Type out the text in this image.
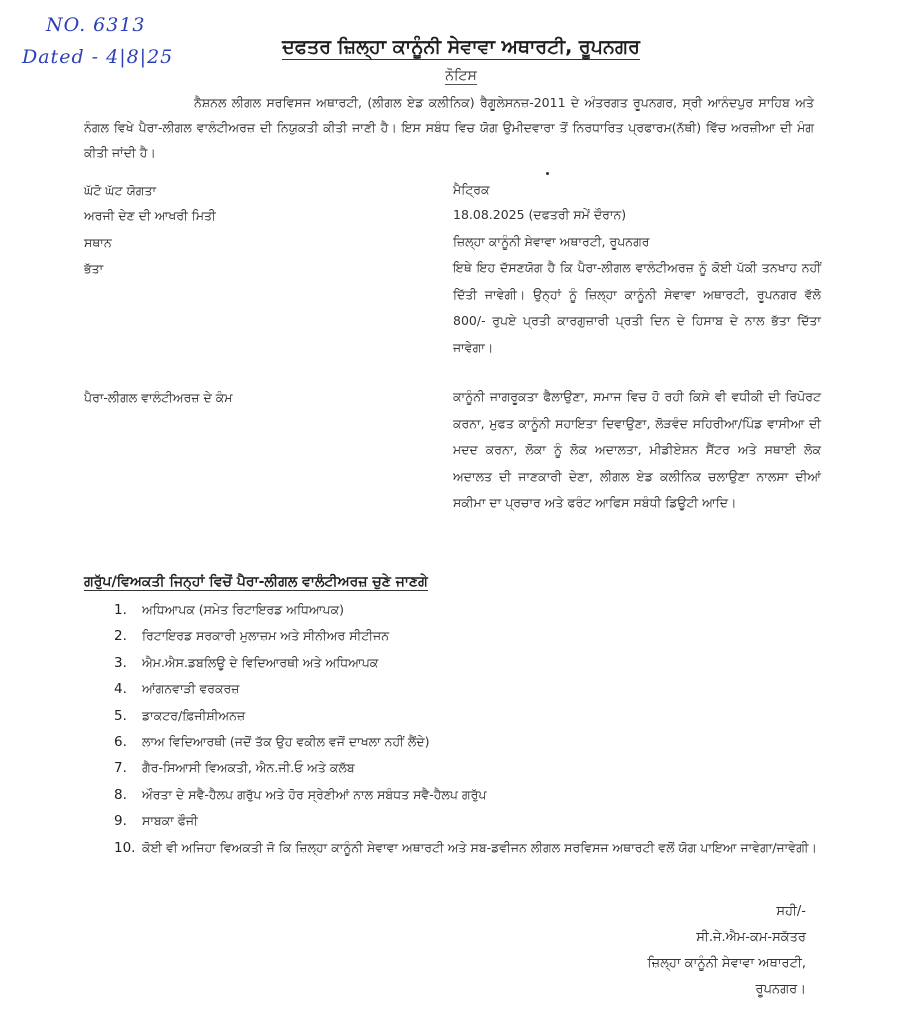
NO. 6313
Dated - 4|8|25	ਦਫਤਰ ਜ਼ਿਲ੍ਹਾ ਕਾਨੂੰਨੀ ਸੇਵਾਵਾ ਅਥਾਰਟੀ, ਰੂਪਨਗਰ
ਨੋਟਿਸ
ਨੈਸ਼ਨਲ ਲੀਗਲ ਸਰਵਿਸਜ ਅਥਾਰਟੀ, (ਲੀਗਲ ਏਡ ਕਲੀਨਿਕ) ਰੈਗੂਲੇਸਨਜ਼-2011 ਦੇ ਅੰਤਰਗਤ ਰੂਪਨਗਰ, ਸ੍ਰੀ ਆਨੰਦਪੁਰ ਸਾਹਿਬ ਅਤੇ ਨੰਗਲ ਵਿਖੇ ਪੈਰਾ-ਲੀਗਲ ਵਾਲੰਟੀਅਰਜ਼ ਦੀ ਨਿਯੁਕਤੀ ਕੀਤੀ ਜਾਣੀ ਹੈ। ਇਸ ਸਬੰਧ ਵਿਚ ਯੋਗ ਉਮੀਦਵਾਰਾ ਤੋਂ ਨਿਰਧਾਰਿਤ ਪ੍ਰਫਾਰਮ(ਨੱਥੀ) ਵਿੱਚ ਅਰਜ਼ੀਆ ਦੀ ਮੰਗ ਕੀਤੀ ਜਾਂਦੀ ਹੈ।
ਘੱਟੋ ਘੱਟ ਯੋਗਤਾ	ਮੈਟ੍ਰਿਕ
ਅਰਜੀ ਦੇਣ ਦੀ ਆਖਰੀ ਮਿਤੀ	18.08.2025 (ਦਫਤਰੀ ਸਮੇਂ ਦੌਰਾਨ)
ਸਥਾਨ	ਜ਼ਿਲ੍ਹਾ ਕਾਨੂੰਨੀ ਸੇਵਾਵਾ ਅਥਾਰਟੀ, ਰੂਪਨਗਰ
ਭੱਤਾ	ਇਥੇ ਇਹ ਦੱਸਣਯੋਗ ਹੈ ਕਿ ਪੈਰਾ-ਲੀਗਲ ਵਾਲੰਟੀਅਰਜ਼ ਨੂੰ ਕੋਈ ਪੱਕੀ ਤਨਖਾਹ ਨਹੀਂ ਦਿੱਤੀ ਜਾਵੇਗੀ। ਉਨ੍ਹਾਂ ਨੂੰ ਜ਼ਿਲ੍ਹਾ ਕਾਨੂੰਨੀ ਸੇਵਾਵਾ ਅਥਾਰਟੀ, ਰੂਪਨਗਰ ਵੱਲੋ 800/- ਰੁਪਏ ਪ੍ਰਤੀ ਕਾਰਗੁਜ਼ਾਰੀ ਪ੍ਰਤੀ ਦਿਨ ਦੇ ਹਿਸਾਬ ਦੇ ਨਾਲ ਭੱਤਾ ਦਿੱਤਾ ਜਾਵੇਗਾ।
ਪੈਰਾ-ਲੀਗਲ ਵਾਲੰਟੀਅਰਜ਼ ਦੇ ਕੰਮ	ਕਾਨੂੰਨੀ ਜਾਗਰੂਕਤਾ ਫੈਲਾਉਣਾ, ਸਮਾਜ ਵਿਚ ਹੋ ਰਹੀ ਕਿਸੇ ਵੀ ਵਧੀਕੀ ਦੀ ਰਿਪੋਰਟ ਕਰਨਾ, ਮੁਫਤ ਕਾਨੂੰਨੀ ਸਹਾਇਤਾ ਦਿਵਾਉਣਾ, ਲੋੜਵੰਦ ਸਹਿਰੀਆ/ਪਿੰਡ ਵਾਸੀਆ ਦੀ ਮਦਦ ਕਰਨਾ, ਲੋਕਾ ਨੂੰ ਲੋਕ ਅਦਾਲਤਾ, ਮੀਡੀਏਸ਼ਨ ਸੈਂਟਰ ਅਤੇ ਸਥਾਈ ਲੋਕ ਅਦਾਲਤ ਦੀ ਜਾਣਕਾਰੀ ਦੇਣਾ, ਲੀਗਲ ਏਡ ਕਲੀਨਿਕ ਚਲਾਉਣਾ ਨਾਲਸਾ ਦੀਆਂ ਸਕੀਮਾ ਦਾ ਪ੍ਰਚਾਰ ਅਤੇ ਫਰੰਟ ਆਫਿਸ ਸਬੰਧੀ ਡਿਊਟੀ ਆਦਿ।
ਗਰੁੱਪ/ਵਿਅਕਤੀ ਜਿਨ੍ਹਾਂ ਵਿਚੋਂ ਪੈਰਾ-ਲੀਗਲ ਵਾਲੰਟੀਅਰਜ਼ ਚੁਣੇ ਜਾਣਗੇ
1.	ਅਧਿਆਪਕ (ਸਮੇਤ ਰਿਟਾਇਰਡ ਅਧਿਆਪਕ)
2.	ਰਿਟਾਇਰਡ ਸਰਕਾਰੀ ਮੁਲਾਜ਼ਮ ਅਤੇ ਸੀਨੀਅਰ ਸੀਟੀਜਨ
3.	ਐਮ.ਐਸ.ਡਬਲਿਊ ਦੇ ਵਿਦਿਆਰਥੀ ਅਤੇ ਅਧਿਆਪਕ
4.	ਆਂਗਨਵਾੜੀ ਵਰਕਰਜ਼
5.	ਡਾਕਟਰ/ਫ਼ਿਜੀਸ਼ੀਅਨਜ਼
6.	ਲਾਅ ਵਿਦਿਆਰਥੀ (ਜਦੋਂ ਤੱਕ ਉਹ ਵਕੀਲ ਵਜੋਂ ਦਾਖਲਾ ਨਹੀਂ ਲੈਂਦੇ)
7.	ਗੈਰ-ਸਿਆਸੀ ਵਿਅਕਤੀ, ਐਨ.ਜੀ.ਓ ਅਤੇ ਕਲੱਬ
8.	ਔਰਤਾ ਦੇ ਸਵੈ-ਹੈਲਪ ਗਰੁੱਪ ਅਤੇ ਹੋਰ ਸ੍ਰੇਣੀਆਂ ਨਾਲ ਸਬੰਧਤ ਸਵੈ-ਹੈਲਪ ਗਰੁੱਪ
9.	ਸਾਬਕਾ ਫੌਜੀ
10. ਕੋਈ ਵੀ ਅਜਿਹਾ ਵਿਅਕਤੀ ਜੋ ਕਿ ਜ਼ਿਲ੍ਹਾ ਕਾਨੂੰਨੀ ਸੇਵਾਵਾ ਅਥਾਰਟੀ ਅਤੇ ਸਬ-ਡਵੀਜਨ ਲੀਗਲ ਸਰਵਿਸਜ ਅਥਾਰਟੀ ਵਲੋਂ ਯੋਗ ਪਾਇਆ ਜਾਵੇਗਾ/ਜਾਵੇਗੀ।
ਸਹੀ/-
ਸੀ.ਜੇ.ਐਮ-ਕਮ-ਸਕੱਤਰ
ਜ਼ਿਲ੍ਹਾ ਕਾਨੂੰਨੀ ਸੇਵਾਵਾ ਅਥਾਰਟੀ,
ਰੂਪਨਗਰ।
